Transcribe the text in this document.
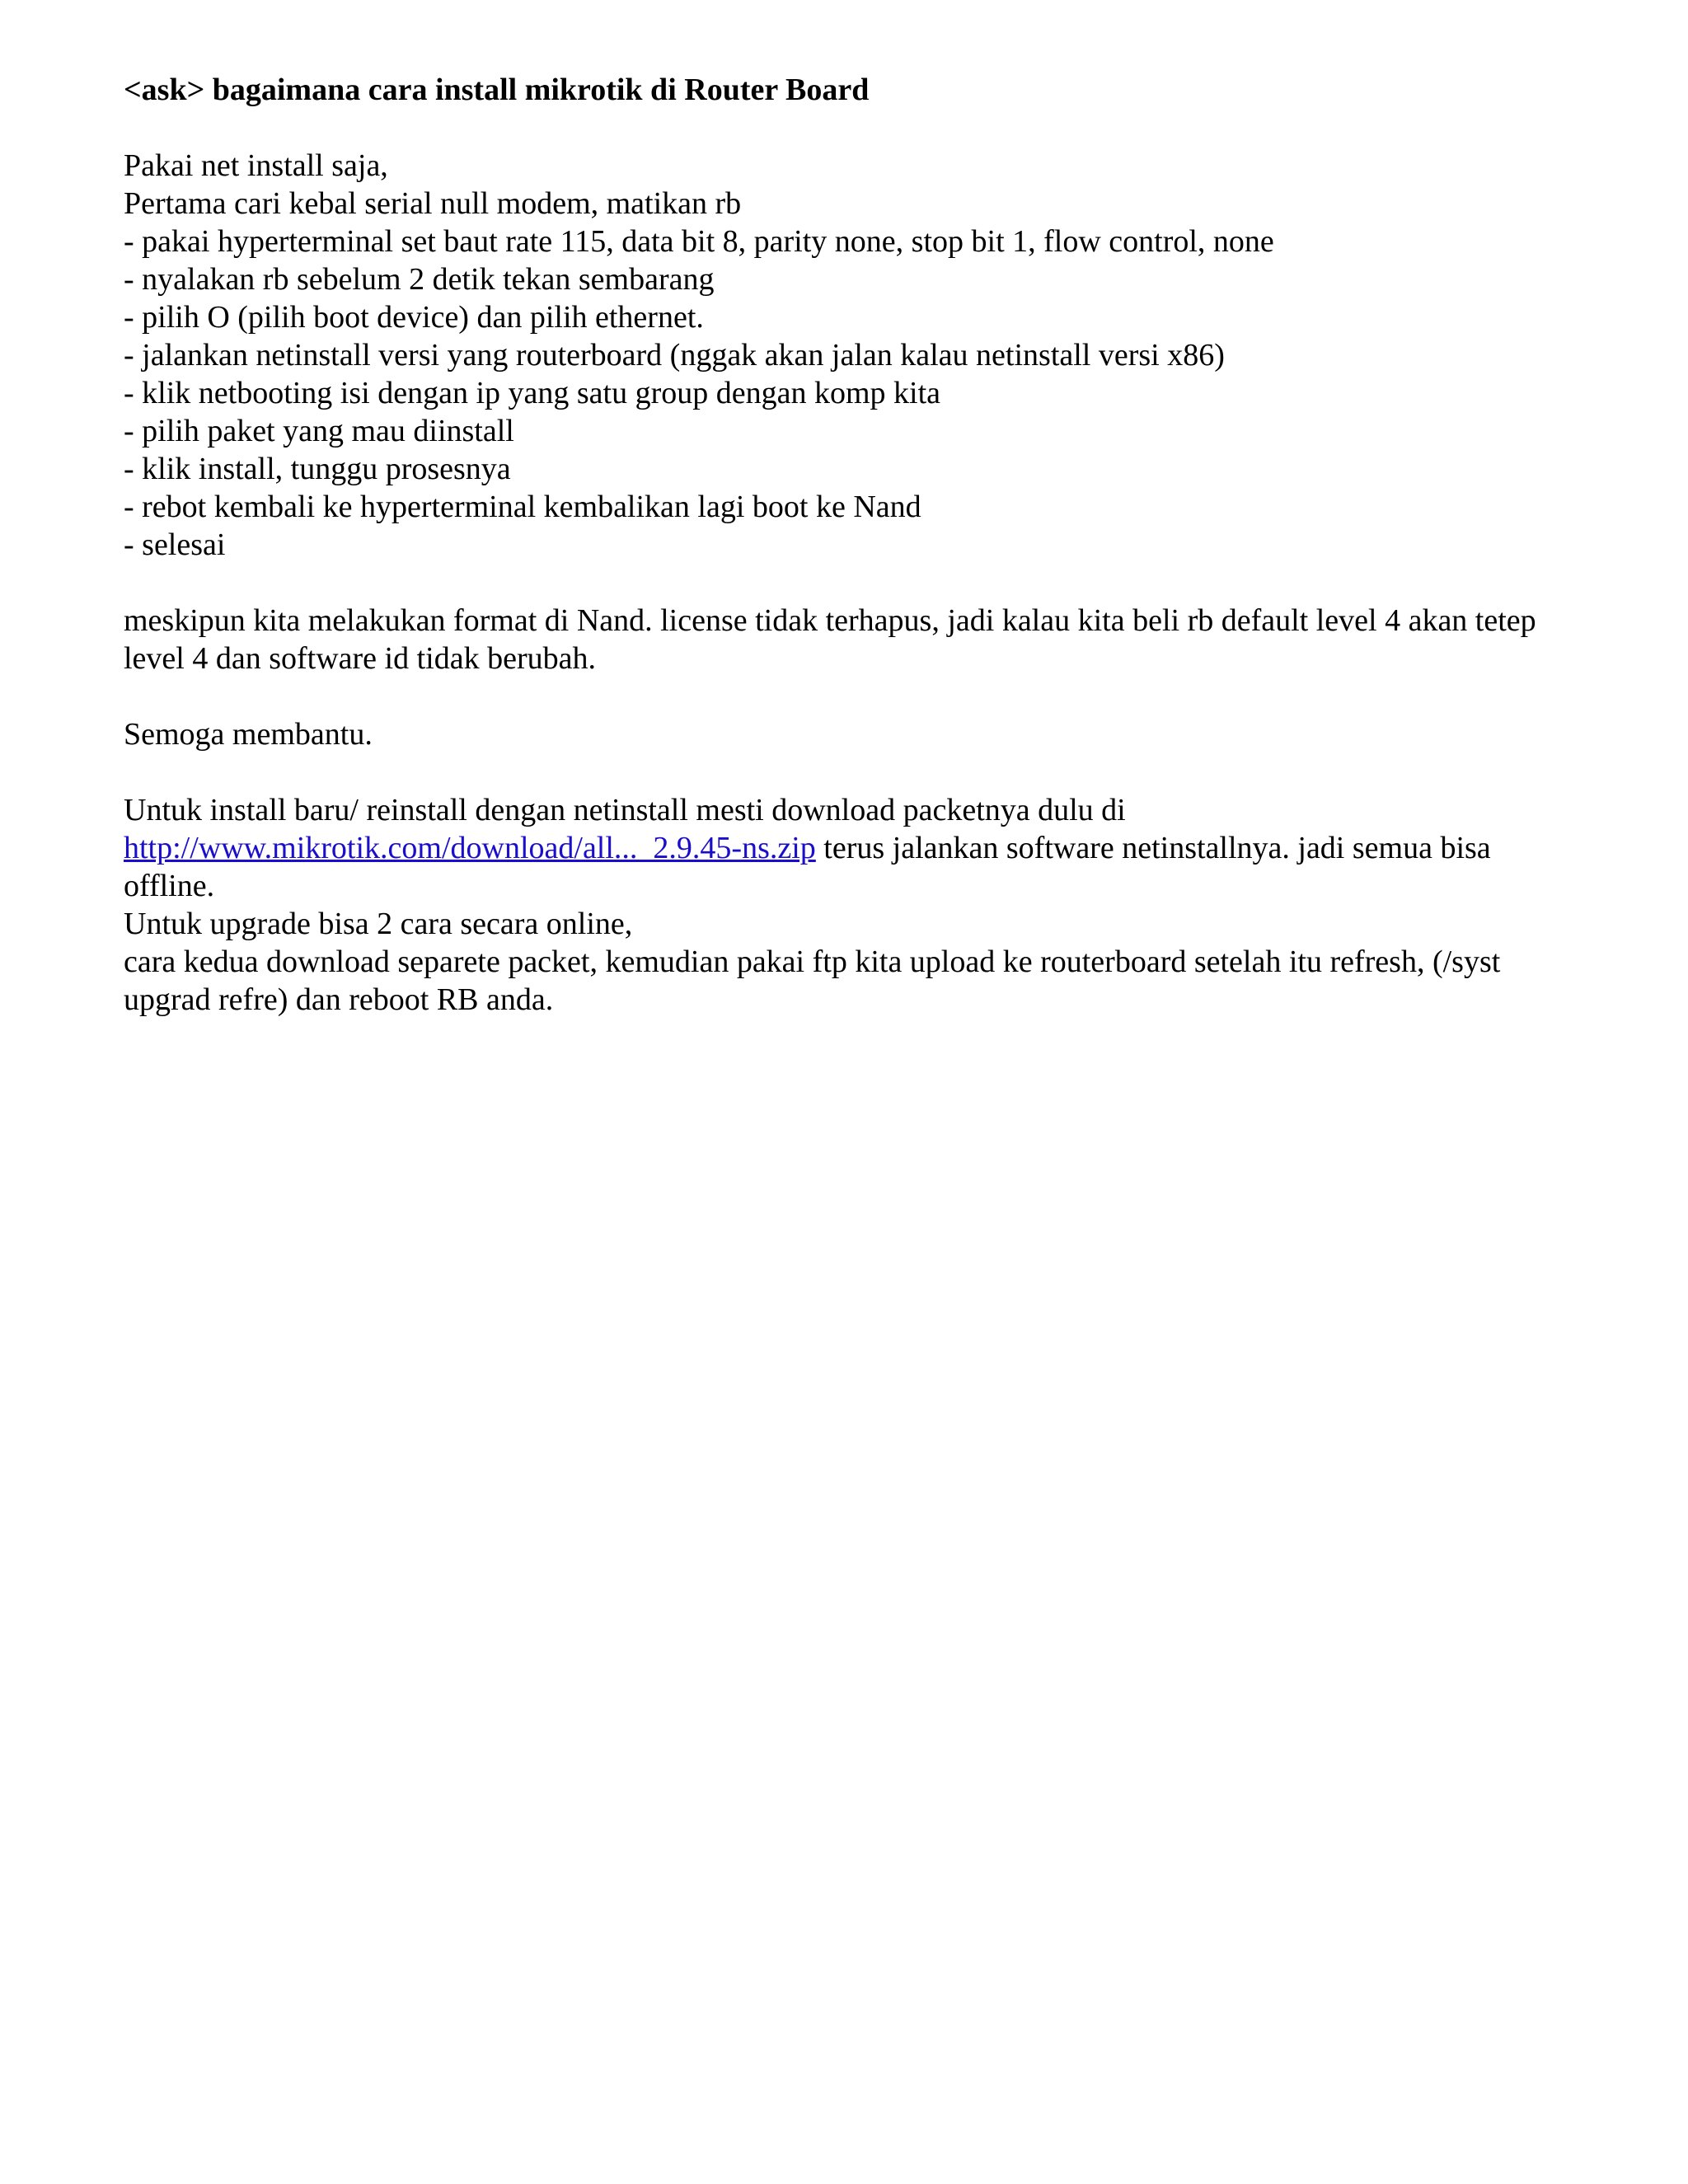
<ask> bagaimana cara install mikrotik di Router Board
Pakai net install saja,
Pertama cari kebal serial null modem, matikan rb
- pakai hyperterminal set baut rate 115, data bit 8, parity none, stop bit 1, flow control, none
- nyalakan rb sebelum 2 detik tekan sembarang
- pilih O (pilih boot device) dan pilih ethernet.
- jalankan netinstall versi yang routerboard (nggak akan jalan kalau netinstall versi x86)
- klik netbooting isi dengan ip yang satu group dengan komp kita
- pilih paket yang mau diinstall
- klik install, tunggu prosesnya
- rebot kembali ke hyperterminal kembalikan lagi boot ke Nand
- selesai
meskipun kita melakukan format di Nand. license tidak terhapus, jadi kalau kita beli rb default level 4 akan tetep level 4 dan software id tidak berubah.
Semoga membantu.
Untuk install baru/ reinstall dengan netinstall mesti download packetnya dulu di
http://www.mikrotik.com/download/all..._2.9.45-ns.zip terus jalankan software netinstallnya. jadi semua bisa offline.
Untuk upgrade bisa 2 cara secara online,
cara kedua download separete packet, kemudian pakai ftp kita upload ke routerboard setelah itu refresh, (/syst upgrad refre) dan reboot RB anda.
